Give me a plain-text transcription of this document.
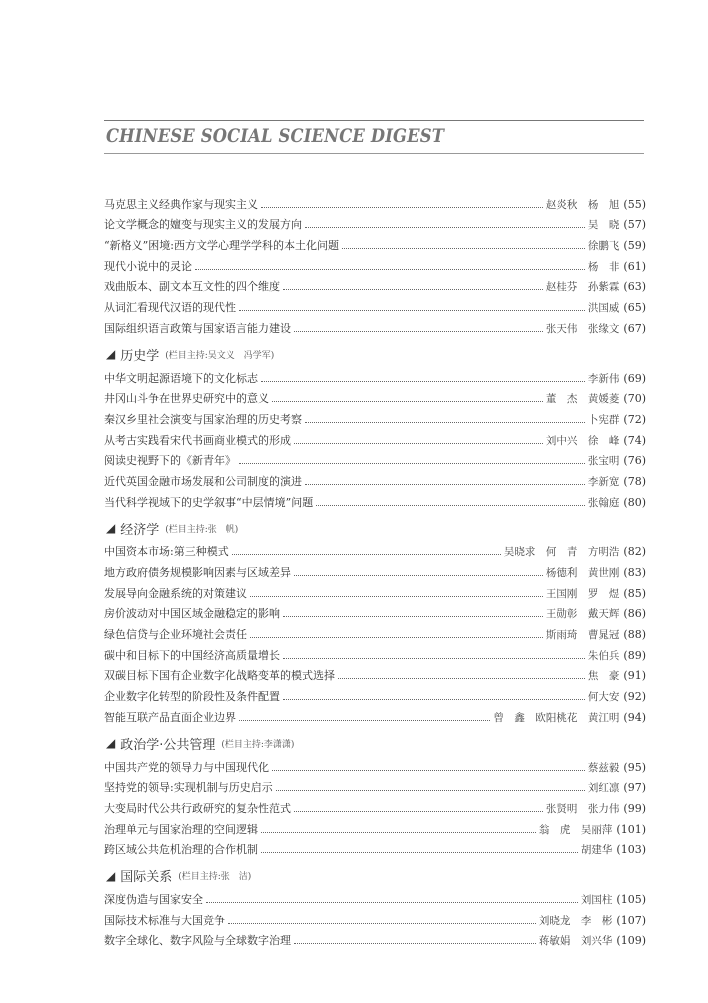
CHINESE SOCIAL SCIENCE DIGEST
马克思主义经典作家与现实主义	赵炎秋　杨　旭 (55)
论文学概念的嬗变与现实主义的发展方向	吴　晓 (57)
“新格义”困境:西方文学心理学学科的本土化问题	徐鹏飞 (59)
现代小说中的灵论	杨　非 (61)
戏曲版本、副文本互文性的四个维度	赵桂芬　孙紫霖 (63)
从词汇看现代汉语的现代性	洪国威 (65)
国际组织语言政策与国家语言能力建设	张天伟　张缘文 (67)
◢ 历史学 (栏目主持:吴文义　冯学军)
中华文明起源语境下的文化标志	李新伟 (69)
井冈山斗争在世界史研究中的意义	董　杰　黄媛菱 (70)
秦汉乡里社会演变与国家治理的历史考察	卜宪群 (72)
从考古实践看宋代书画商业模式的形成	刘中兴　徐　峰 (74)
阅读史视野下的《新青年》	张宝明 (76)
近代英国金融市场发展和公司制度的演进	李新宽 (78)
当代科学视域下的史学叙事“中层情境”问题	张翰庭 (80)
◢ 经济学 (栏目主持:张　帆)
中国资本市场:第三种模式	吴晓求　何　青　方明浩 (82)
地方政府债务规模影响因素与区域差异	杨德利　黄世刚 (83)
发展导向金融系统的对策建议	王国刚　罗　煜 (85)
房价波动对中国区域金融稳定的影响	王勋彰　戴天辉 (86)
绿色信贷与企业环境社会责任	斯雨琦　曹晁冠 (88)
碳中和目标下的中国经济高质量增长	朱伯兵 (89)
双碳目标下国有企业数字化战略变革的模式选择	焦　豪 (91)
企业数字化转型的阶段性及条件配置	何大安 (92)
智能互联产品直面企业边界	曾　鑫　欧阳桃花　黄江明 (94)
◢ 政治学·公共管理 (栏目主持:李潇潇)
中国共产党的领导力与中国现代化	蔡兹毅 (95)
坚持党的领导:实现机制与历史启示	刘红凛 (97)
大变局时代公共行政研究的复杂性范式	张贤明　张力伟 (99)
治理单元与国家治理的空间逻辑	翁　虎　吴丽萍 (101)
跨区域公共危机治理的合作机制	胡建华 (103)
◢ 国际关系 (栏目主持:张　洁)
深度伪造与国家安全	刘国柱 (105)
国际技术标准与大国竞争	刘晓龙　李　彬 (107)
数字全球化、数字风险与全球数字治理	蒋敏娟　刘兴华 (109)
